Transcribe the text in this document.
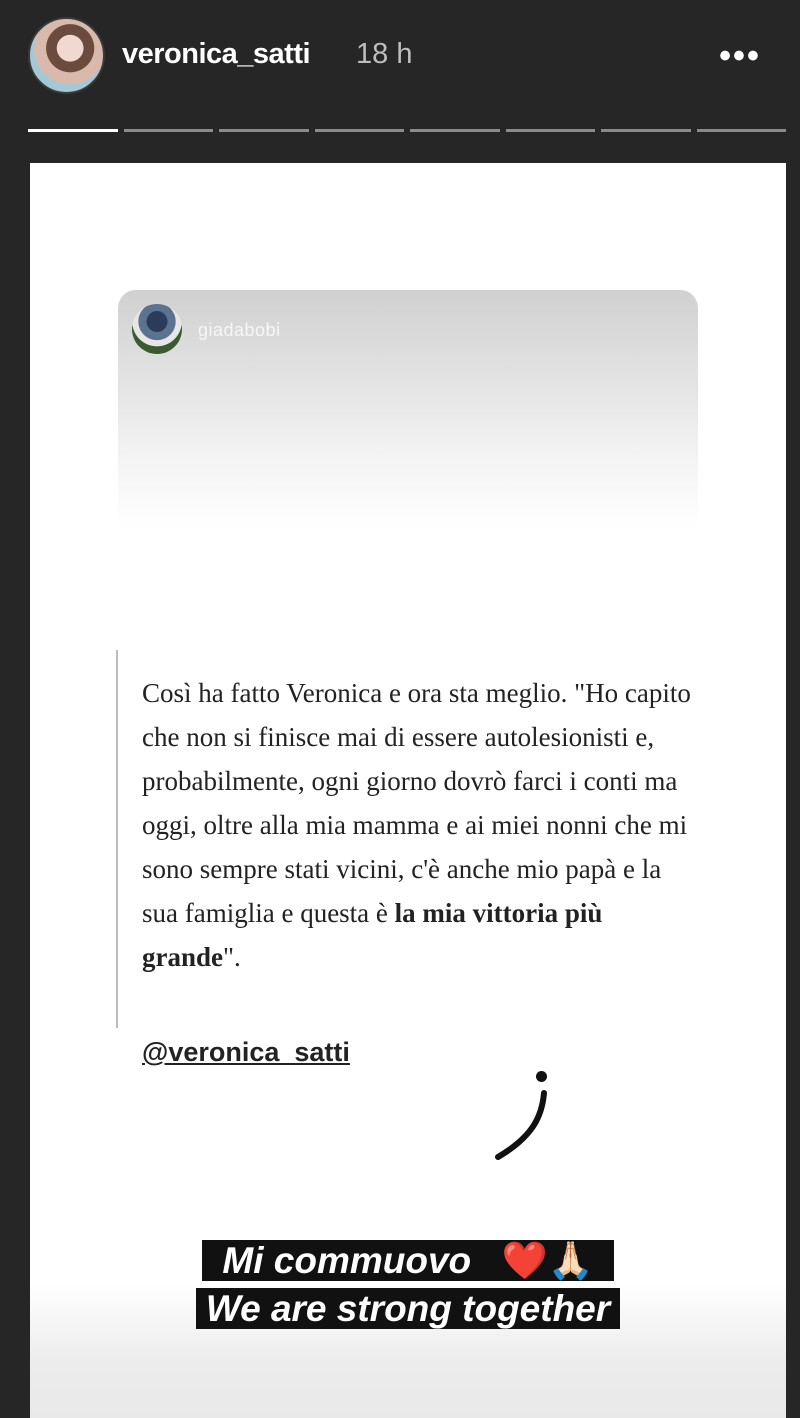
veronica_satti 18 h	•••
giadabobi

Così ha fatto Veronica e ora sta meglio. "Ho capito che non si finisce mai di essere autolesionisti e, probabilmente, ogni giorno dovrò farci i conti ma oggi, oltre alla mia mamma e ai miei nonni che mi sono sempre stati vicini, c'è anche mio papà e la sua famiglia e questa è la mia vittoria più grande".

@veronica_satti
Mi commuovo ❤️🙏🏻
We are strong together
